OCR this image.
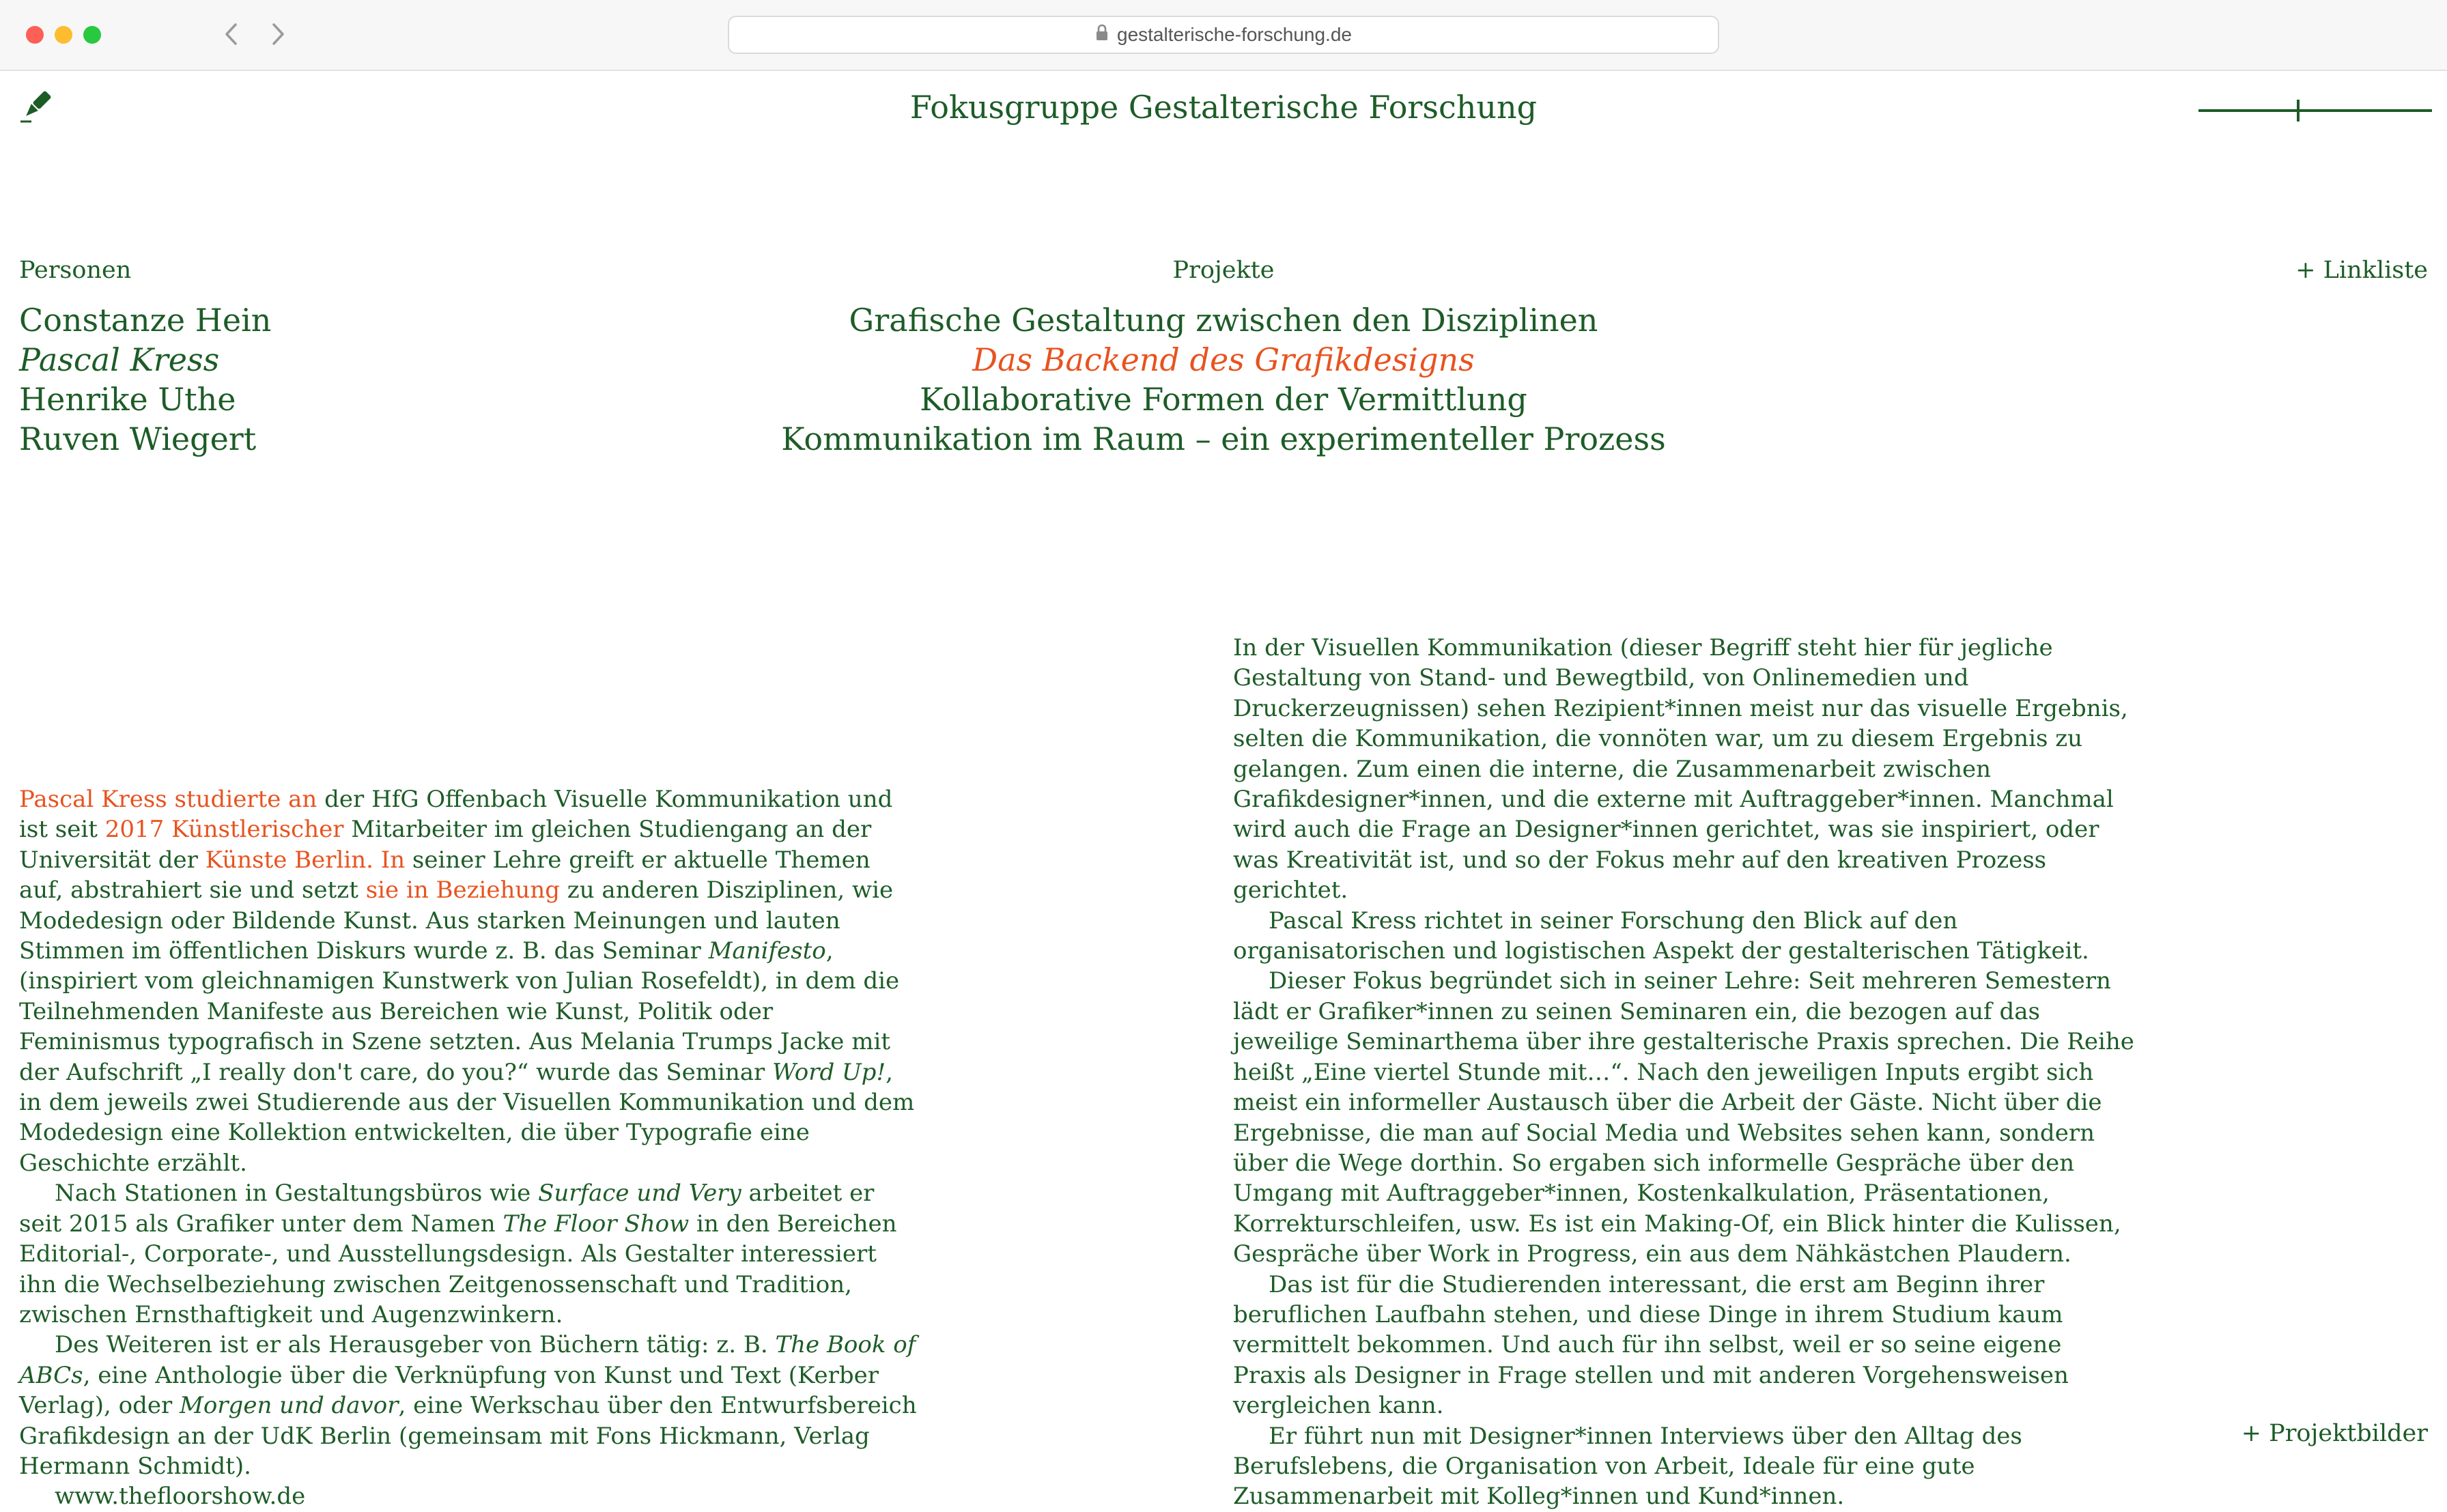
gestalterische-forschung.de
Fokusgruppe Gestalterische Forschung
Personen	Projekte	+ Linkliste
Constanze Hein
Pascal Kress
Henrike Uthe
Ruven Wiegert
Grafische Gestaltung zwischen den Disziplinen
Das Backend des Grafikdesigns
Kollaborative Formen der Vermittlung
Kommunikation im Raum – ein experimenteller Prozess

Pascal Kress studierte an der HfG Offenbach Visuelle Kommunikation und ist seit 2017 Künstlerischer Mitarbeiter im gleichen Studiengang an der Universität der Künste Berlin. In seiner Lehre greift er aktuelle Themen auf, abstrahiert sie und setzt sie in Beziehung zu anderen Disziplinen, wie Modedesign oder Bildende Kunst. Aus starken Meinungen und lauten Stimmen im öffentlichen Diskurs wurde z. B. das Seminar Manifesto, (inspiriert vom gleichnamigen Kunstwerk von Julian Rosefeldt), in dem die Teilnehmenden Manifeste aus Bereichen wie Kunst, Politik oder Feminismus typografisch in Szene setzten. Aus Melania Trumps Jacke mit der Aufschrift „I really don't care, do you?“ wurde das Seminar Word Up!, in dem jeweils zwei Studierende aus der Visuellen Kommunikation und dem Modedesign eine Kollektion entwickelten, die über Typografie eine Geschichte erzählt.

Nach Stationen in Gestaltungsbüros wie Surface und Very arbeitet er seit 2015 als Grafiker unter dem Namen The Floor Show in den Bereichen Editorial-, Corporate-, und Ausstellungsdesign. Als Gestalter interessiert ihn die Wechselbeziehung zwischen Zeitgenossenschaft und Tradition, zwischen Ernsthaftigkeit und Augenzwinkern.

Des Weiteren ist er als Herausgeber von Büchern tätig: z. B. The Book of ABCs, eine Anthologie über die Verknüpfung von Kunst und Text (Kerber Verlag), oder Morgen und davor, eine Werkschau über den Entwurfsbereich Grafikdesign an der UdK Berlin (gemeinsam mit Fons Hickmann, Verlag Hermann Schmidt).

www.thefloorshow.de

In der Visuellen Kommunikation (dieser Begriff steht hier für jegliche Gestaltung von Stand- und Bewegtbild, von Onlinemedien und Druckerzeugnissen) sehen Rezipient*innen meist nur das visuelle Ergebnis, selten die Kommunikation, die vonnöten war, um zu diesem Ergebnis zu gelangen. Zum einen die interne, die Zusammenarbeit zwischen Grafikdesigner*innen, und die externe mit Auftraggeber*innen. Manchmal wird auch die Frage an Designer*innen gerichtet, was sie inspiriert, oder was Kreativität ist, und so der Fokus mehr auf den kreativen Prozess gerichtet.

Pascal Kress richtet in seiner Forschung den Blick auf den organisatorischen und logistischen Aspekt der gestalterischen Tätigkeit.

Dieser Fokus begründet sich in seiner Lehre: Seit mehreren Semestern lädt er Grafiker*innen zu seinen Seminaren ein, die bezogen auf das jeweilige Seminarthema über ihre gestalterische Praxis sprechen. Die Reihe heißt „Eine viertel Stunde mit…“. Nach den jeweiligen Inputs ergibt sich meist ein informeller Austausch über die Arbeit der Gäste. Nicht über die Ergebnisse, die man auf Social Media und Websites sehen kann, sondern über die Wege dorthin. So ergaben sich informelle Gespräche über den Umgang mit Auftraggeber*innen, Kostenkalkulation, Präsentationen, Korrekturschleifen, usw. Es ist ein Making-Of, ein Blick hinter die Kulissen, Gespräche über Work in Progress, ein aus dem Nähkästchen Plaudern.

Das ist für die Studierenden interessant, die erst am Beginn ihrer beruflichen Laufbahn stehen, und diese Dinge in ihrem Studium kaum vermittelt bekommen. Und auch für ihn selbst, weil er so seine eigene Praxis als Designer in Frage stellen und mit anderen Vorgehensweisen vergleichen kann.

Er führt nun mit Designer*innen Interviews über den Alltag des Berufslebens, die Organisation von Arbeit, Ideale für eine gute Zusammenarbeit mit Kolleg*innen und Kund*innen.

+ Projektbilder
